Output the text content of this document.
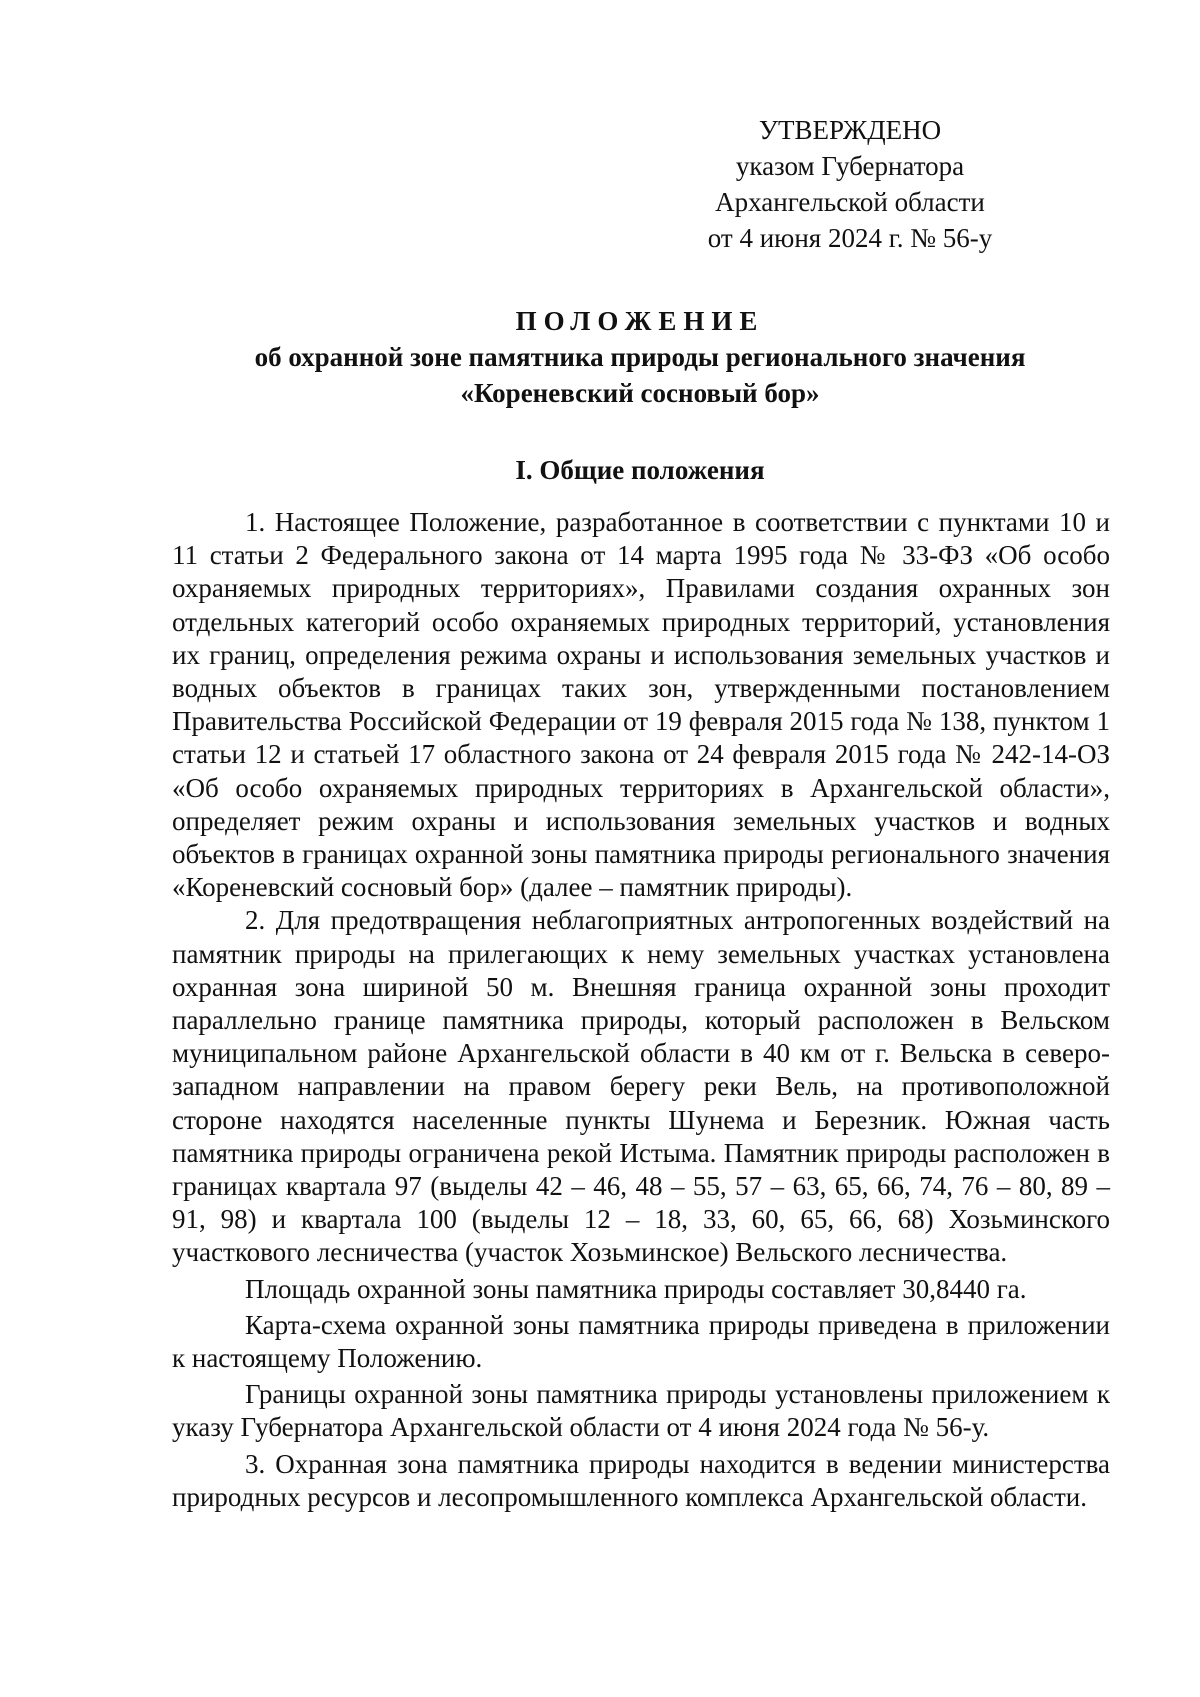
УТВЕРЖДЕНО
указом Губернатора
Архангельской области
от 4 июня 2024 г. № 56-у
ПОЛОЖЕНИЕ
об охранной зоне памятника природы регионального значения
«Кореневский сосновый бор»
I. Общие положения

1. Настоящее Положение, разработанное в соответствии с пунктами 10 и 11 статьи 2 Федерального закона от 14 марта 1995 года № 33-ФЗ «Об особо охраняемых природных территориях», Правилами создания охранных зон отдельных категорий особо охраняемых природных территорий, установления их границ, определения режима охраны и использования земельных участков и водных объектов в границах таких зон, утвержденными постановлением Правительства Российской Федерации от 19 февраля 2015 года № 138, пунктом 1 статьи 12 и статьей 17 областного закона от 24 февраля 2015 года № 242-14-ОЗ «Об особо охраняемых природных территориях в Архангельской области», определяет режим охраны и использования земельных участков и водных объектов в границах охранной зоны памятника природы регионального значения «Кореневский сосновый бор» (далее – памятник природы).

2. Для предотвращения неблагоприятных антропогенных воздействий на памятник природы на прилегающих к нему земельных участках установлена охранная зона шириной 50 м. Внешняя граница охранной зоны проходит параллельно границе памятника природы, который расположен в Вельском муниципальном районе Архангельской области в 40 км от г. Вельска в северо-западном направлении на правом берегу реки Вель, на противоположной стороне находятся населенные пункты Шунема и Березник. Южная часть памятника природы ограничена рекой Истыма. Памятник природы расположен в границах квартала 97 (выделы 42 – 46, 48 – 55, 57 – 63, 65, 66, 74, 76 – 80, 89 – 91, 98) и квартала 100 (выделы 12 – 18, 33, 60, 65, 66, 68) Хозьминского участкового лесничества (участок Хозьминское) Вельского лесничества.

Площадь охранной зоны памятника природы составляет 30,8440 га.

Карта-схема охранной зоны памятника природы приведена в приложении к настоящему Положению.

Границы охранной зоны памятника природы установлены приложением к указу Губернатора Архангельской области от 4 июня 2024 года № 56-у.

3. Охранная зона памятника природы находится в ведении министерства природных ресурсов и лесопромышленного комплекса Архангельской области.
